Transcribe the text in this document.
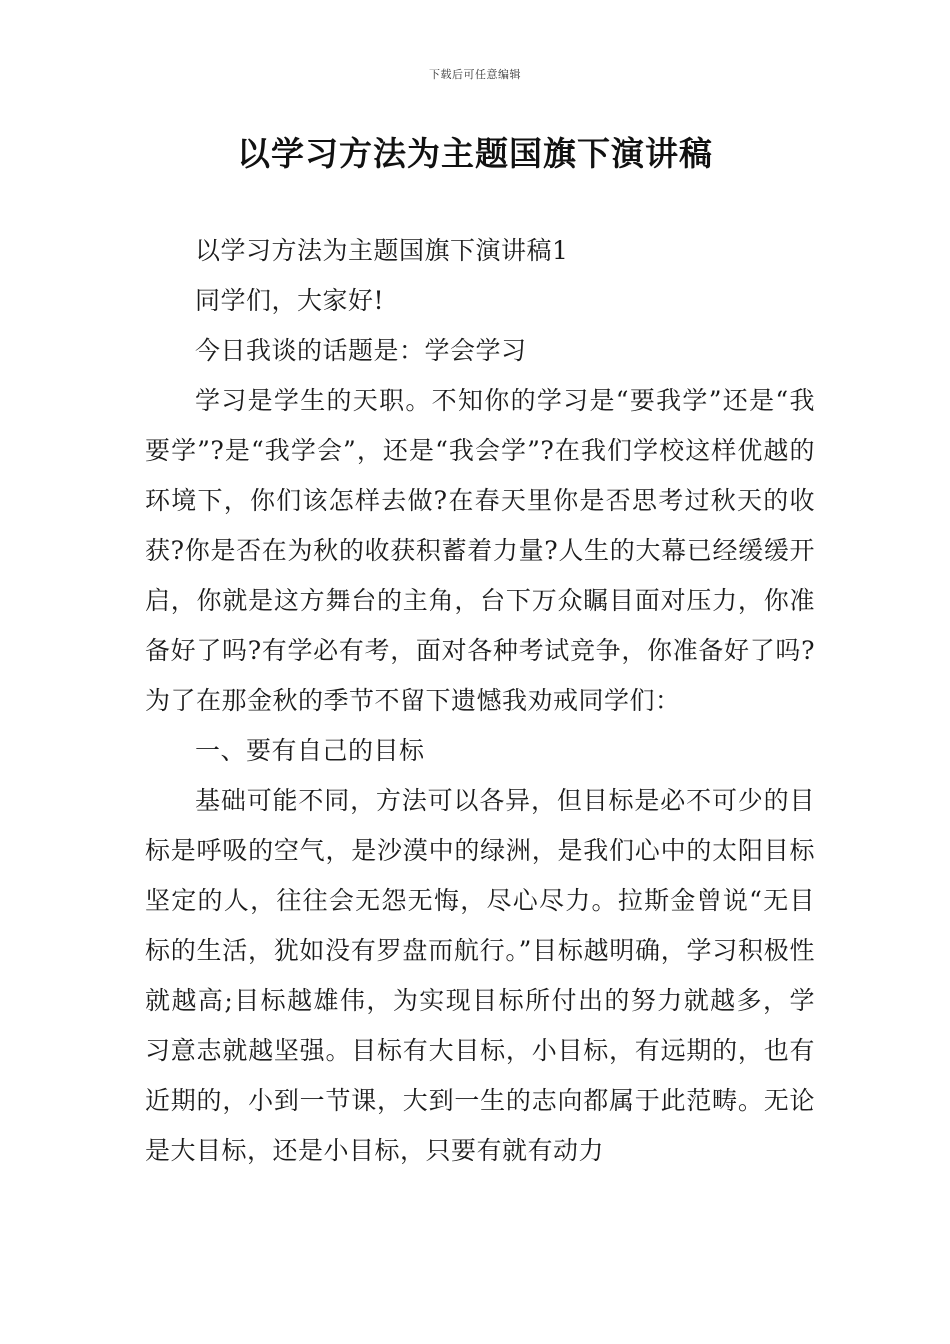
下载后可任意编辑
以学习方法为主题国旗下演讲稿

以学习方法为主题国旗下演讲稿1

同学们，大家好!

今日我谈的话题是：学会学习

学习是学生的天职。不知你的学习是“要我学”还是“我要学”?是“我学会”，还是“我会学”?在我们学校这样优越的环境下，你们该怎样去做?在春天里你是否思考过秋天的收获?你是否在为秋的收获积蓄着力量?人生的大幕已经缓缓开启，你就是这方舞台的主角，台下万众瞩目面对压力，你准备好了吗?有学必有考，面对各种考试竞争，你准备好了吗?为了在那金秋的季节不留下遗憾我劝戒同学们：

一、要有自己的目标

基础可能不同，方法可以各异，但目标是必不可少的目标是呼吸的空气，是沙漠中的绿洲，是我们心中的太阳目标坚定的人，往往会无怨无悔，尽心尽力。拉斯金曾说“无目标的生活，犹如没有罗盘而航行。”目标越明确，学习积极性就越高;目标越雄伟，为实现目标所付出的努力就越多，学习意志就越坚强。目标有大目标，小目标，有远期的，也有近期的，小到一节课，大到一生的志向都属于此范畴。无论是大目标，还是小目标，只要有就有动力
